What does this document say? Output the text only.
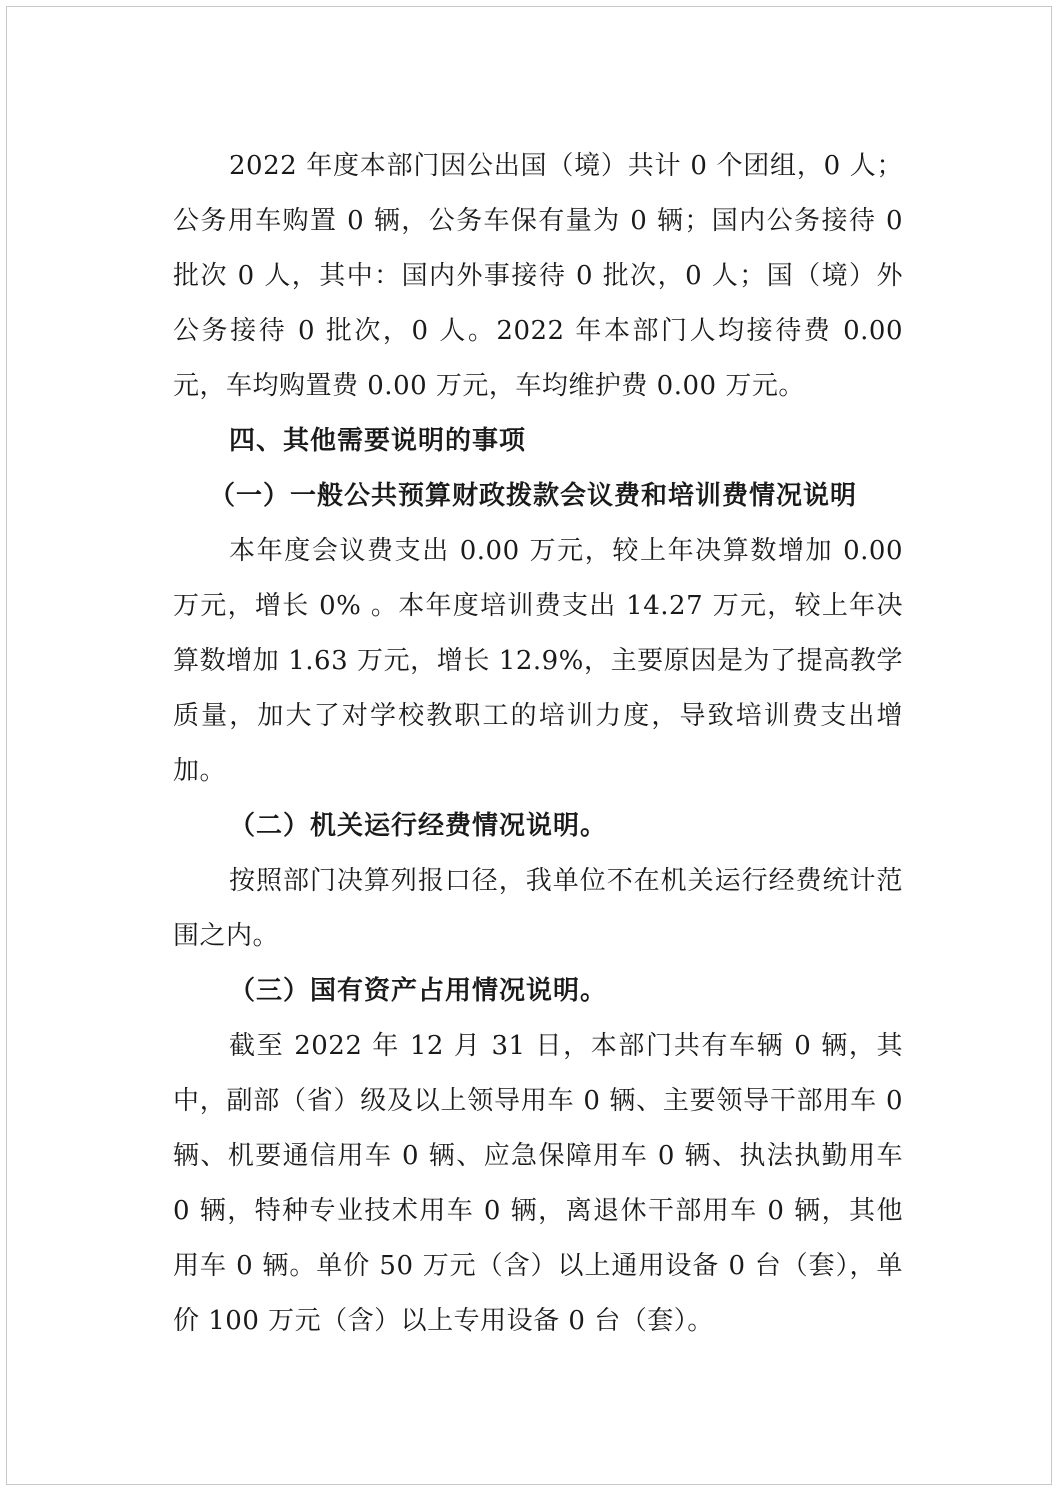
2022 年度本部门因公出国（境）共计 0 个团组，0 人；公务用车购置 0 辆，公务车保有量为 0 辆；国内公务接待 0 批次 0 人，其中：国内外事接待 0 批次，0 人；国（境）外公务接待 0 批次，0 人。2022 年本部门人均接待费 0.00 元，车均购置费 0.00 万元，车均维护费 0.00 万元。

四、其他需要说明的事项

（一）一般公共预算财政拨款会议费和培训费情况说明

本年度会议费支出 0.00 万元，较上年决算数增加 0.00 万元，增长 0% 。本年度培训费支出 14.27 万元，较上年决算数增加 1.63 万元，增长 12.9%，主要原因是为了提高教学质量，加大了对学校教职工的培训力度，导致培训费支出增加。

（二）机关运行经费情况说明。

按照部门决算列报口径，我单位不在机关运行经费统计范围之内。

（三）国有资产占用情况说明。

截至 2022 年 12 月 31 日，本部门共有车辆 0 辆，其中，副部（省）级及以上领导用车 0 辆、主要领导干部用车 0 辆、机要通信用车 0 辆、应急保障用车 0 辆、执法执勤用车 0 辆，特种专业技术用车 0 辆，离退休干部用车 0 辆，其他用车 0 辆。单价 50 万元（含）以上通用设备 0 台（套），单价 100 万元（含）以上专用设备 0 台（套）。
